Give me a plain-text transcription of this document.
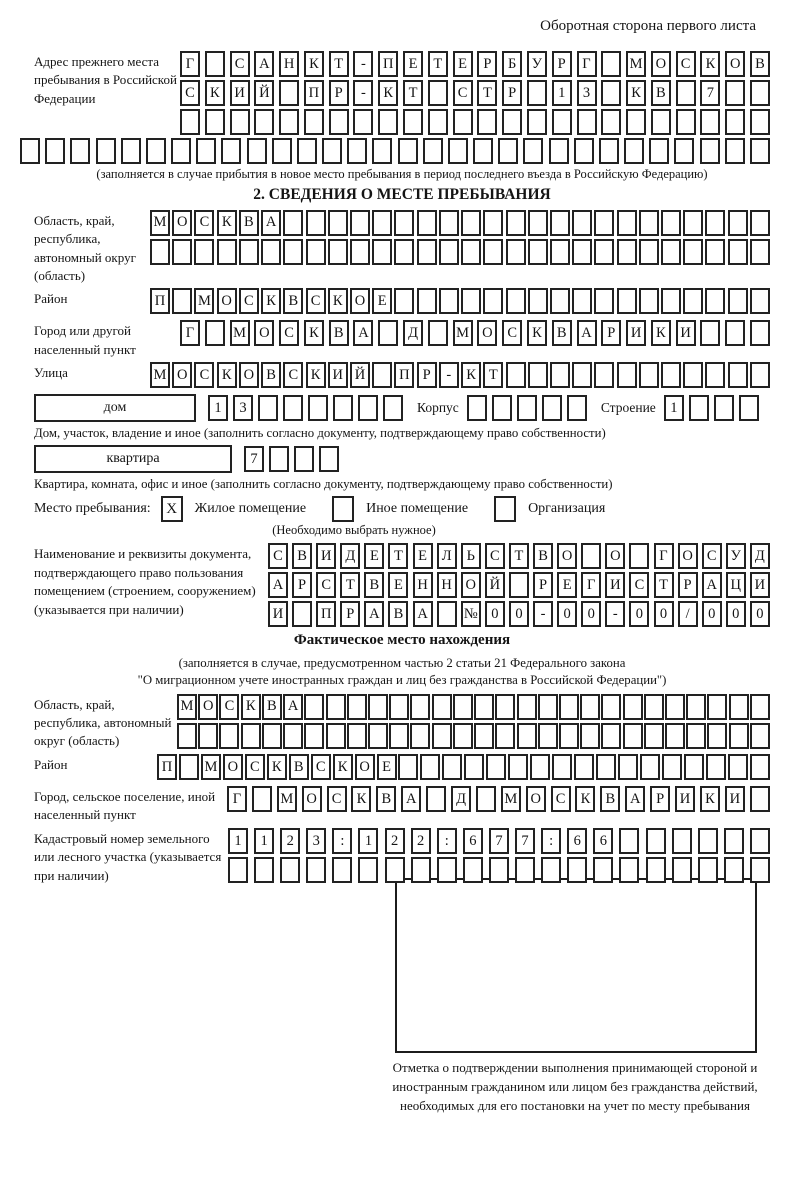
Оборотная сторона первого листа
Адрес прежнего места пребывания в Российской Федерации
Г	С	А Н	К	Т	-	П	Е	Т	Е	Р	Б	У	Р	Г	М О	С	К	О	В
С	К	И Й	П	Р	-	К	Т	С	Т	Р	1	3	К	В	7
(заполняется в случае прибытия в новое место пребывания в период последнего въезда в Российскую Федерацию)
2. СВЕДЕНИЯ О МЕСТЕ ПРЕБЫВАНИЯ
Область, край, республика, автономный округ (область)
М О С К В А
Район	П	М О С К В С К О Е
Город или другой населенный пункт
Г	М О	С	К	В	А	Д	М О	С	К	В	А	Р	И	К	И
Улица	М О С К О В С К И Й	П Р	-	К Т
дом	1	3	Корпус	Строение 1
Дом, участок, владение и иное (заполнить согласно документу, подтверждающему право собственности)
квартира	7
Квартира, комната, офис и иное (заполнить согласно документу, подтверждающему право собственности)
Место пребывания:	X	Жилое помещение	Иное помещение	Организация
(Необходимо выбрать нужное)
Наименование и реквизиты документа, подтверждающего право пользования помещением (строением, сооружением) (указывается при наличии)
С В И Д	Е	Т	Е	Л	Ь	С	Т	В О	О	Г	О С У Д
А	Р	С	Т	В	Е Н Н О Й	Р	Е	Г	И С	Т	Р	А Ц И
И	П	Р	А В А	№ 0	0	-	0	0	-	0	0	/	0	0	0
Фактическое место нахождения
(заполняется в случае, предусмотренном частью 2 статьи 21 Федерального закона
"О миграционном учете иностранных граждан и лиц без гражданства в Российской Федерации")
Область, край, республика, автономный округ (область)
М О С К В А
Район	П	М О С К В С К О Е
Город, сельское поселение, иной населенный пункт
Г	М О	С	К	В	А	Д	М О	С	К	В	А	Р	И	К	И
Кадастровый номер земельного или лесного участка (указывается при наличии)
1	1	2	3	:	1	2	2	:	6	7	7	:	6	6
Отметка о подтверждении выполнения принимающей стороной и иностранным гражданином или лицом без гражданства действий, необходимых для его постановки на учет по месту пребывания
